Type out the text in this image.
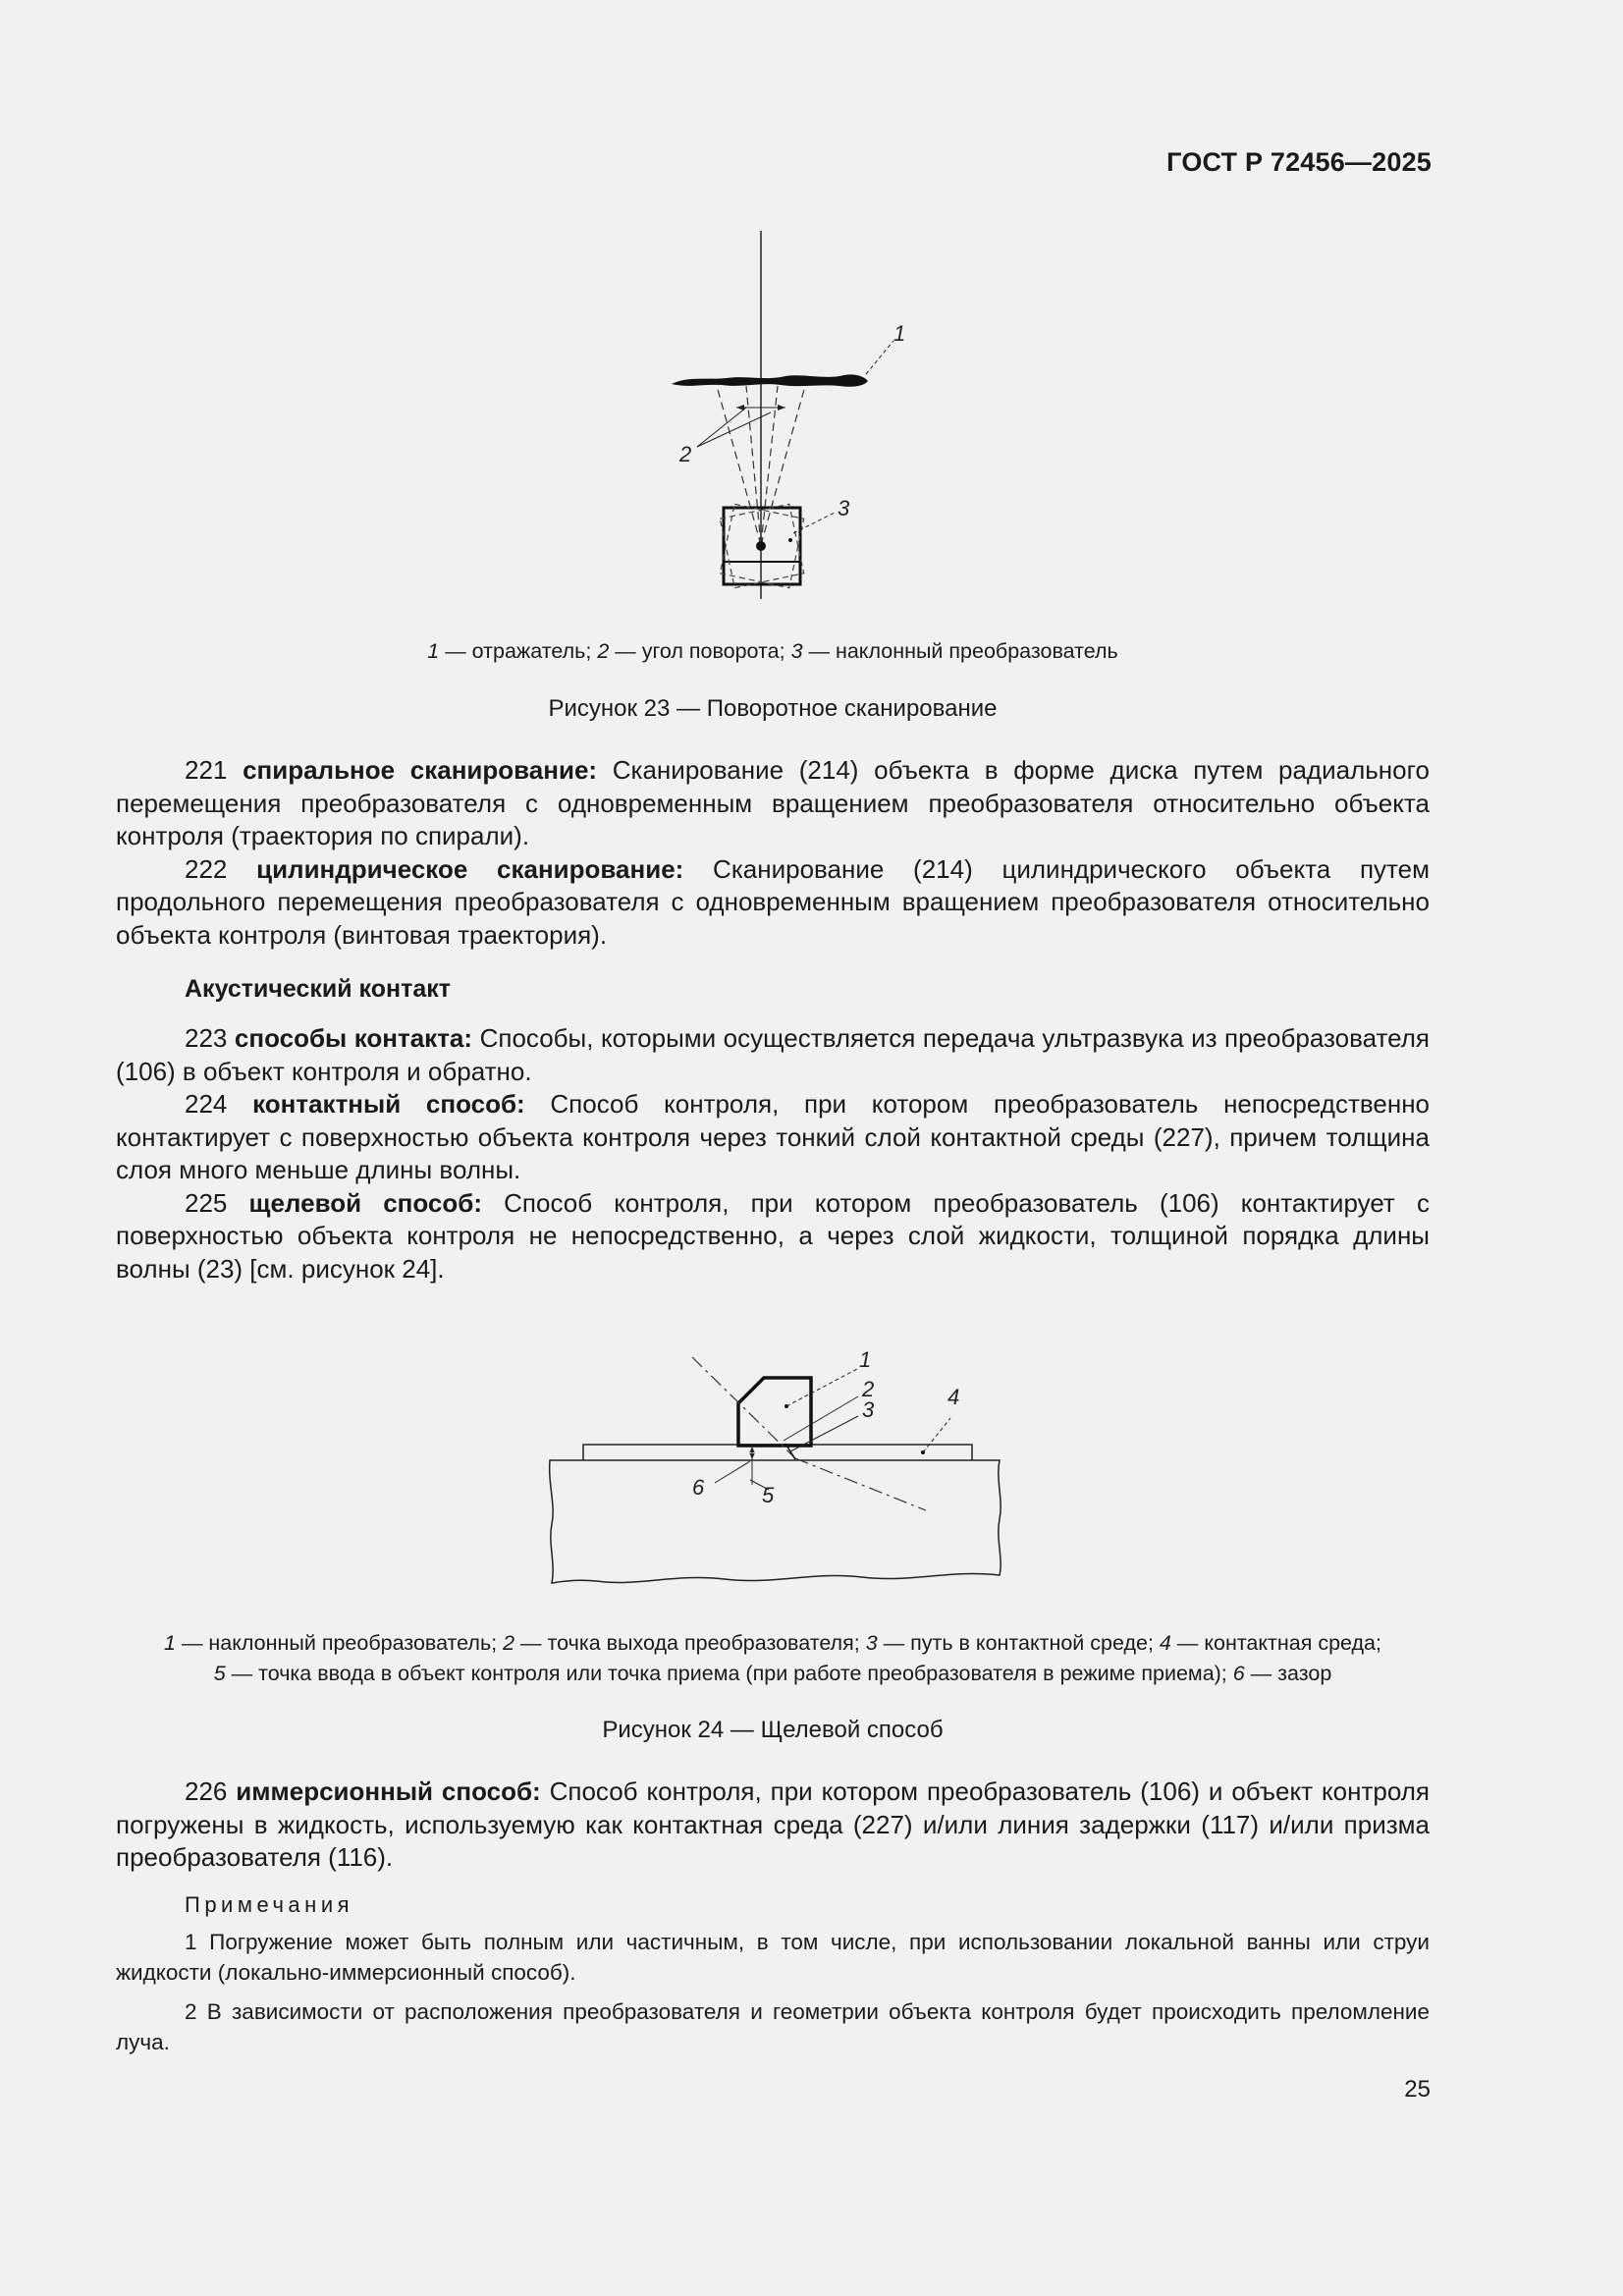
ГОСТ Р 72456—2025
1
2
3
1 — отражатель; 2 — угол поворота; 3 — наклонный преобразователь
Рисунок 23 — Поворотное сканирование

221 спиральное сканирование: Сканирование (214) объекта в форме диска путем радиального перемещения преобразователя с одновременным вращением преобразователя относительно объекта контроля (траектория по спирали).

222 цилиндрическое сканирование: Сканирование (214) цилиндрического объекта путем продольного перемещения преобразователя с одновременным вращением преобразователя относительно объекта контроля (винтовая траектория).

Акустический контакт

223 способы контакта: Способы, которыми осуществляется передача ультразвука из преобразователя (106) в объект контроля и обратно.

224 контактный способ: Способ контроля, при котором преобразователь непосредственно контактирует с поверхностью объекта контроля через тонкий слой контактной среды (227), причем толщина слоя много меньше длины волны.

225 щелевой способ: Способ контроля, при котором преобразователь (106) контактирует с поверхностью объекта контроля не непосредственно, а через слой жидкости, толщиной порядка длины волны (23) [см. рисунок 24].

1
2
3
4
5
6
1 — наклонный преобразователь; 2 — точка выхода преобразователя; 3 — путь в контактной среде; 4 — контактная среда;
5 — точка ввода в объект контроля или точка приема (при работе преобразователя в режиме приема); 6 — зазор
Рисунок 24 — Щелевой способ

226 иммерсионный способ: Способ контроля, при котором преобразователь (106) и объект контроля погружены в жидкость, используемую как контактная среда (227) и/или линия задержки (117) и/или призма преобразователя (116).

Примечания

1 Погружение может быть полным или частичным, в том числе, при использовании локальной ванны или струи жидкости (локально-иммерсионный способ).

2 В зависимости от расположения преобразователя и геометрии объекта контроля будет происходить преломление луча.

25
